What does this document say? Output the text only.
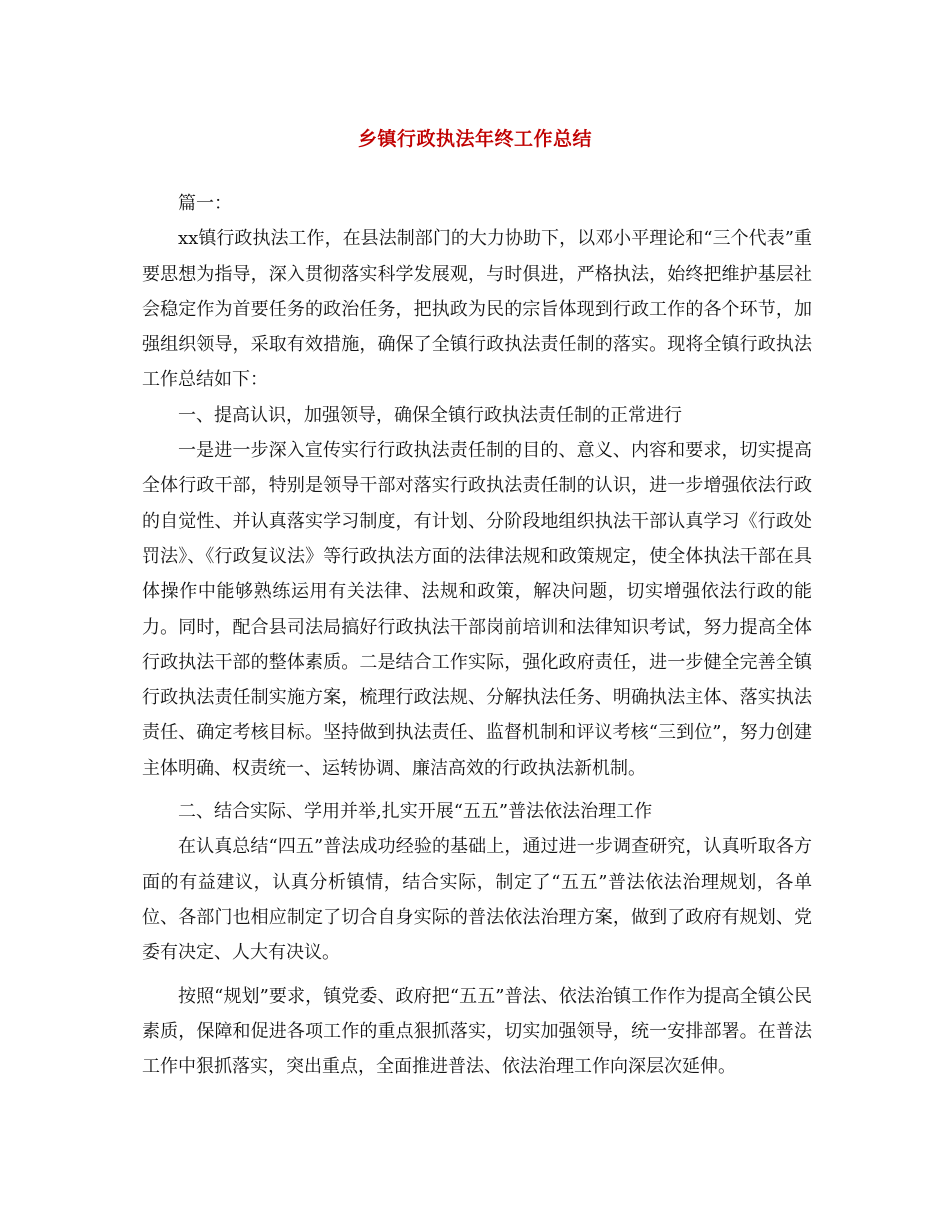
乡镇行政执法年终工作总结

篇一：

xx镇行政执法工作，在县法制部门的大力协助下，以邓小平理论和“三个代表”重要思想为指导，深入贯彻落实科学发展观，与时俱进，严格执法，始终把维护基层社会稳定作为首要任务的政治任务，把执政为民的宗旨体现到行政工作的各个环节，加强组织领导，采取有效措施，确保了全镇行政执法责任制的落实。现将全镇行政执法工作总结如下：

一、提高认识，加强领导，确保全镇行政执法责任制的正常进行

一是进一步深入宣传实行行政执法责任制的目的、意义、内容和要求，切实提高全体行政干部，特别是领导干部对落实行政执法责任制的认识，进一步增强依法行政的自觉性、并认真落实学习制度，有计划、分阶段地组织执法干部认真学习《行政处罚法》、《行政复议法》等行政执法方面的法律法规和政策规定，使全体执法干部在具体操作中能够熟练运用有关法律、法规和政策，解决问题，切实增强依法行政的能力。同时，配合县司法局搞好行政执法干部岗前培训和法律知识考试，努力提高全体行政执法干部的整体素质。二是结合工作实际，强化政府责任，进一步健全完善全镇行政执法责任制实施方案，梳理行政法规、分解执法任务、明确执法主体、落实执法责任、确定考核目标。坚持做到执法责任、监督机制和评议考核“三到位”，努力创建主体明确、权责统一、运转协调、廉洁高效的行政执法新机制。

二、结合实际、学用并举,扎实开展“五五”普法依法治理工作

在认真总结“四五”普法成功经验的基础上，通过进一步调查研究，认真听取各方面的有益建议，认真分析镇情，结合实际，制定了“五五”普法依法治理规划，各单位、各部门也相应制定了切合自身实际的普法依法治理方案，做到了政府有规划、党委有决定、人大有决议。

按照“规划”要求，镇党委、政府把“五五”普法、依法治镇工作作为提高全镇公民素质，保障和促进各项工作的重点狠抓落实，切实加强领导，统一安排部署。在普法工作中狠抓落实，突出重点，全面推进普法、依法治理工作向深层次延伸。
